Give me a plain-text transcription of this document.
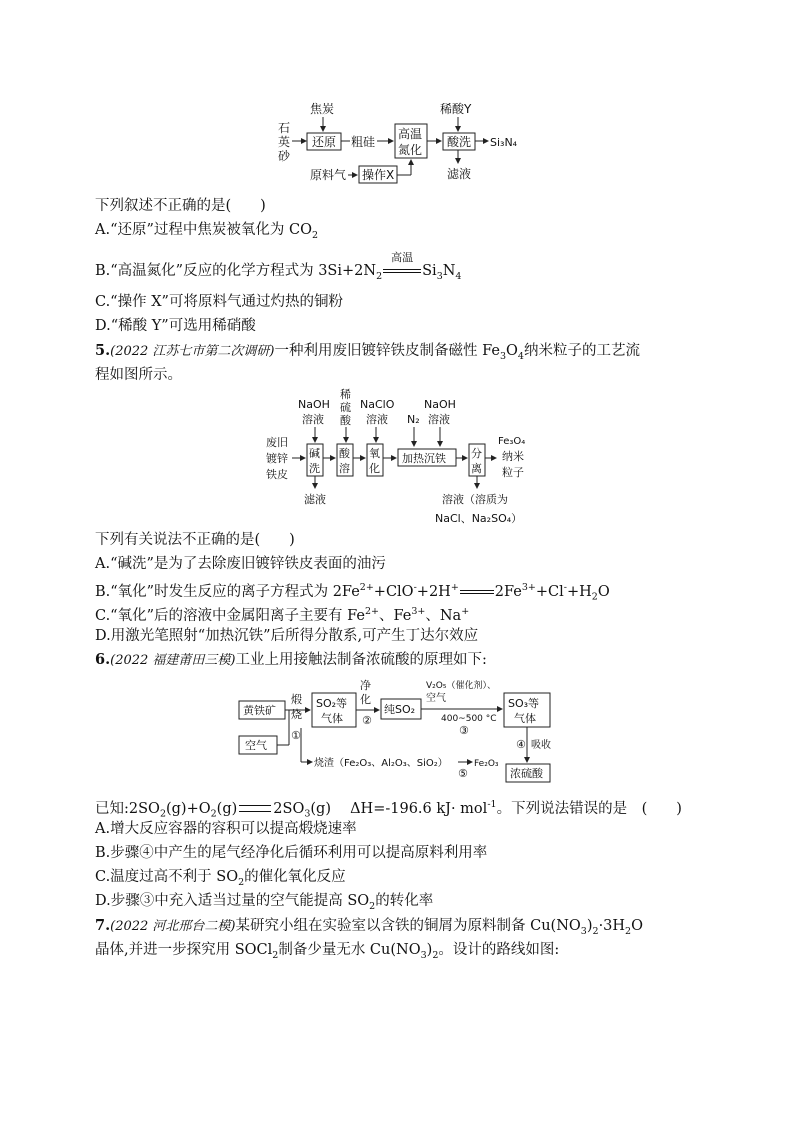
石
英
砂
焦炭
还原 粗硅
高温
氮化
稀酸Y
酸洗 Si₃N₄
滤液
原料气 操作X
下列叙述不正确的是(　　)
A.“还原”过程中焦炭被氧化为 $CO_2$
B.“高温氮化”反应的化学方程式为 $3Si+2N_2$
高温
$Si_3N_4$
C.“操作 X”可将原料气通过灼热的铜粉
D.“稀酸 Y”可选用稀硝酸
5.(2022 江苏七市第二次调研)一种利用废旧镀锌铁皮制备磁性 $Fe_3O_4$纳米粒子的工艺流
程如图所示。
NaOH
溶液
稀
硫
酸
NaClO
溶液 N₂
NaOH
溶液
废旧
镀锌
铁皮
碱
洗
酸
溶
氧
化
加热沉铁 分
离
Fe₃O₄
纳米
粒子
滤液	溶液（溶质为
NaCl、Na₂SO₄）
下列有关说法不正确的是(　　)
A.“碱洗”是为了去除废旧镀锌铁皮表面的油污
B.“氧化”时发生反应的离子方程式为 $2Fe^{2+}+ClO^-+2H^+$ $2Fe^{3+}+Cl^-+H_2O$
C.“氧化”后的溶液中金属阳离子主要有 $Fe^{2+}$、$Fe^{3+}$、Na+
D.用激光笔照射“加热沉铁”后所得分散系,可产生丁达尔效应
6.(2022 福建莆田三模)工业上用接触法制备浓硫酸的原理如下:
黄铁矿
空气
煅
烧
①
SO₂等
气体
净
化
②
纯SO₂
V₂O₅（催化剂）、
空气
400~500 °C
③
SO₃等
气体
④ 吸收
浓硫酸
烧渣（Fe₂O₃、Al₂O₃、SiO₂）
⑤
Fe₂O₃
已知$:2SO_2(g)+O_2(g)$ $2SO_3(g)$　 ΔH=-196.6 kJ· mol$^{-1}$。下列说法错误的是　(　　)
A.增大反应容器的容积可以提高煅烧速率
B.步骤④中产生的尾气经净化后循环利用可以提高原料利用率
C.温度过高不利于 $SO_2$的催化氧化反应
D.步骤③中充入适当过量的空气能提高 $SO_2$的转化率
7.(2022 河北邢台二模)某研究小组在实验室以含铁的铜屑为原料制备 $Cu(NO_3)_2\cdot 3H_2O$
晶体,并进一步探究用 SOCl$_2$制备少量无水 $Cu(NO_3)_2$。设计的路线如图:
